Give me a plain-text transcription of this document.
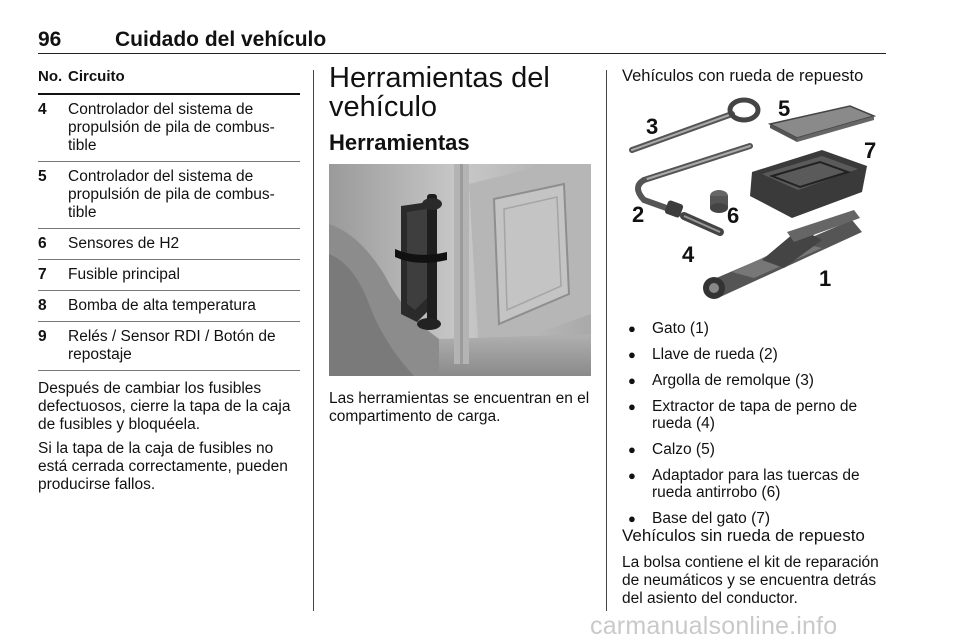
96	Cuidado del vehículo
No. Circuito
4	Controlador del sistema de propulsión de pila de combus-tible
5	Controlador del sistema de propulsión de pila de combus-tible
6	Sensores de H2
7	Fusible principal
8	Bomba de alta temperatura
9	Relés / Sensor RDI / Botón de repostaje
Después de cambiar los fusibles defectuosos, cierre la tapa de la caja de fusibles y bloquéela.
Si la tapa de la caja de fusibles no está cerrada correctamente, pueden producirse fallos.
Herramientas del vehículo
Herramientas
Las herramientas se encuentran en el compartimento de carga.
Vehículos con rueda de repuesto
1
2
3
4
5
6
7
● Gato (1)
● Llave de rueda (2)
● Argolla de remolque (3)
● Extractor de tapa de perno de rueda (4)
● Calzo (5)
● Adaptador para las tuercas de rueda antirrobo (6)
● Base del gato (7)
Vehículos sin rueda de repuesto
La bolsa contiene el kit de reparación de neumáticos y se encuentra detrás del asiento del conductor.
carmanualsonline.info
